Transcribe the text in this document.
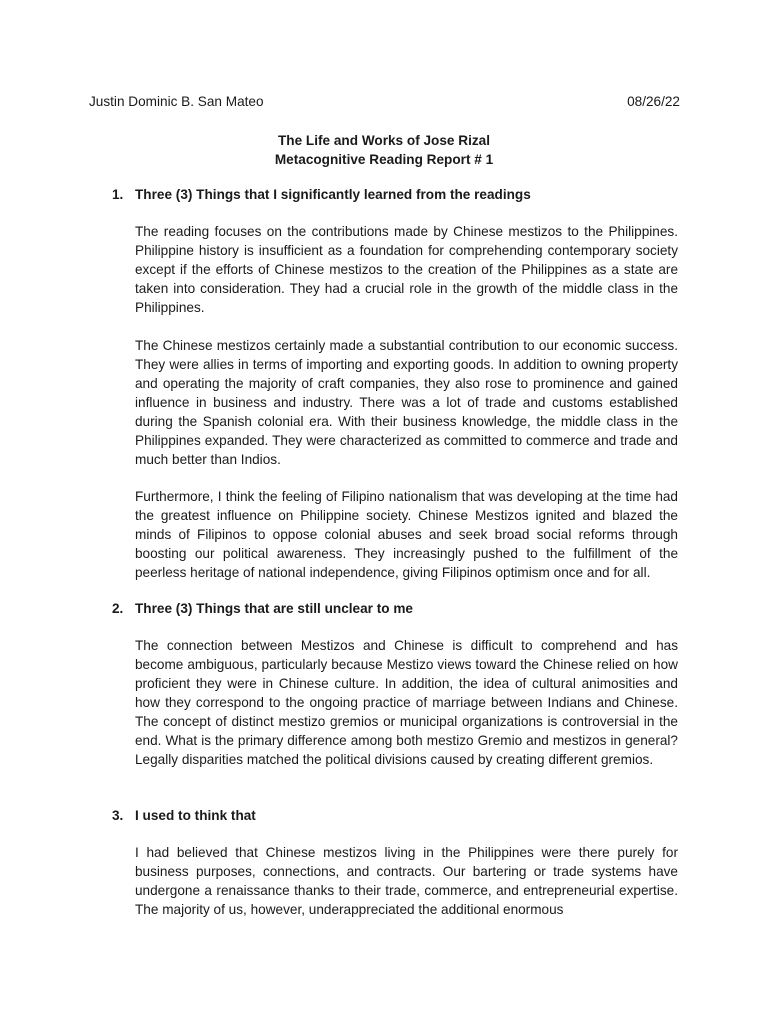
Justin Dominic B. San Mateo	08/26/22
The Life and Works of Jose Rizal
Metacognitive Reading Report # 1
1. Three (3) Things that I significantly learned from the readings

The reading focuses on the contributions made by Chinese mestizos to the Philippines. Philippine history is insufficient as a foundation for comprehending contemporary society except if the efforts of Chinese mestizos to the creation of the Philippines as a state are taken into consideration. They had a crucial role in the growth of the middle class in the Philippines.

The Chinese mestizos certainly made a substantial contribution to our economic success. They were allies in terms of importing and exporting goods. In addition to owning property and operating the majority of craft companies, they also rose to prominence and gained influence in business and industry. There was a lot of trade and customs established during the Spanish colonial era. With their business knowledge, the middle class in the Philippines expanded. They were characterized as committed to commerce and trade and much better than Indios.

Furthermore, I think the feeling of Filipino nationalism that was developing at the time had the greatest influence on Philippine society. Chinese Mestizos ignited and blazed the minds of Filipinos to oppose colonial abuses and seek broad social reforms through boosting our political awareness. They increasingly pushed to the fulfillment of the peerless heritage of national independence, giving Filipinos optimism once and for all.

2. Three (3) Things that are still unclear to me

The connection between Mestizos and Chinese is difficult to comprehend and has become ambiguous, particularly because Mestizo views toward the Chinese relied on how proficient they were in Chinese culture. In addition, the idea of cultural animosities and how they correspond to the ongoing practice of marriage between Indians and Chinese. The concept of distinct mestizo gremios or municipal organizations is controversial in the end. What is the primary difference among both mestizo Gremio and mestizos in general? Legally disparities matched the political divisions caused by creating different gremios.

3. I used to think that

I had believed that Chinese mestizos living in the Philippines were there purely for business purposes, connections, and contracts. Our bartering or trade systems have undergone a renaissance thanks to their trade, commerce, and entrepreneurial expertise. The majority of us, however, underappreciated the additional enormous
